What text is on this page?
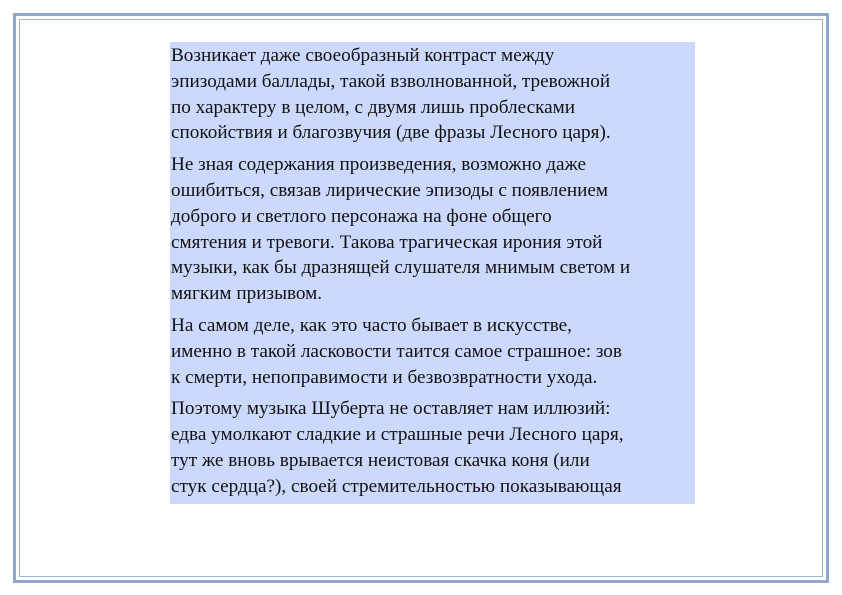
Возникает даже своеобразный контраст между
эпизодами баллады, такой взволнованной, тревожной
по характеру в целом, с двумя лишь проблесками
спокойствия и благозвучия (две фразы Лесного царя).

Не зная содержания произведения, возможно даже
ошибиться, связав лирические эпизоды с появлением
доброго и светлого персонажа на фоне общего
смятения и тревоги. Такова трагическая ирония этой
музыки, как бы дразнящей слушателя мнимым светом и
мягким призывом.

На самом деле, как это часто бывает в искусстве,
именно в такой ласковости таится самое страшное: зов
к смерти, непоправимости и безвозвратности ухода.

Поэтому музыка Шуберта не оставляет нам иллюзий:
едва умолкают сладкие и страшные речи Лесного царя,
тут же вновь врывается неистовая скачка коня (или
стук сердца?), своей стремительностью показывающая
